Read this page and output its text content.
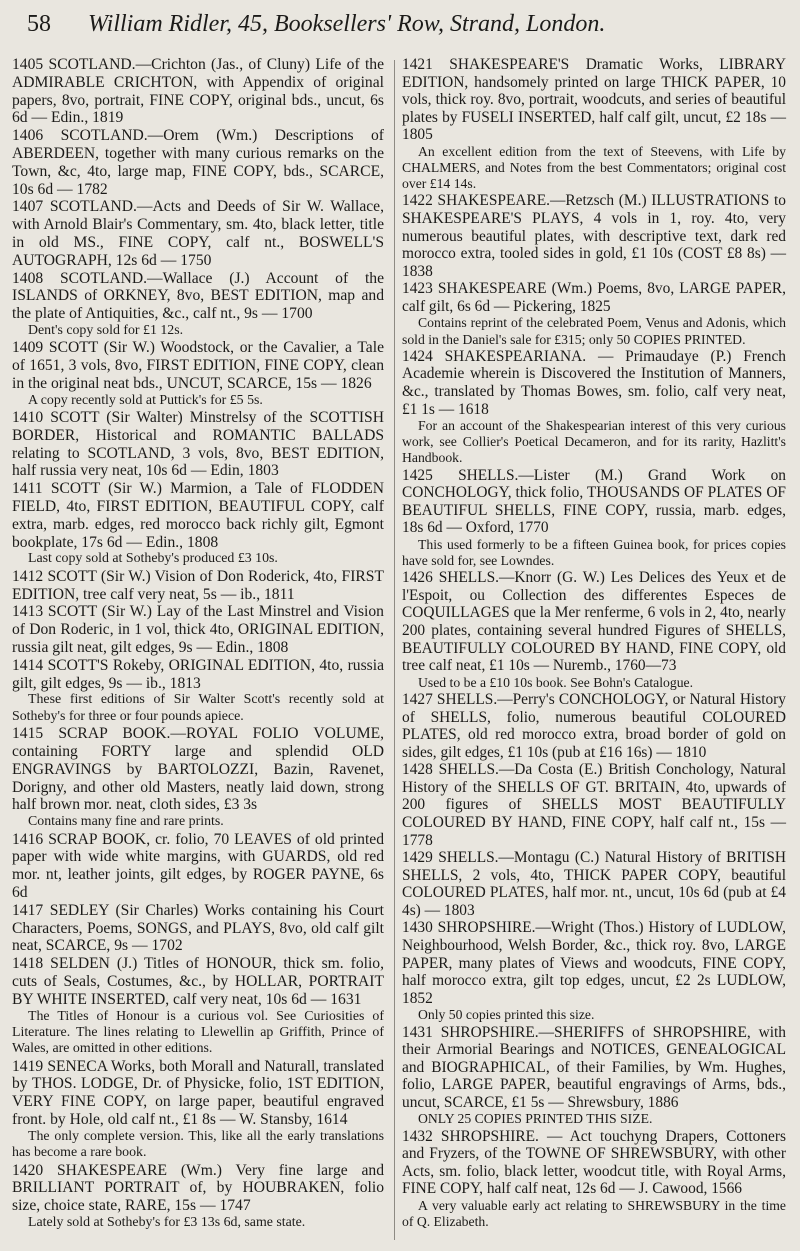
58 William Ridler, 45, Booksellers' Row, Strand, London.

1405 SCOTLAND.—Crichton (Jas., of Cluny) Life of the ADMIRABLE CRICHTON, with Appendix of original papers, 8vo, portrait, FINE COPY, original bds., uncut, 6s 6d — Edin., 1819

1406 SCOTLAND.—Orem (Wm.) Descriptions of ABERDEEN, together with many curious remarks on the Town, &c, 4to, large map, FINE COPY, bds., SCARCE, 10s 6d — 1782

1407 SCOTLAND.—Acts and Deeds of Sir W. Wallace, with Arnold Blair's Commentary, sm. 4to, black letter, title in old MS., FINE COPY, calf nt., BOSWELL'S AUTOGRAPH, 12s 6d — 1750

1408 SCOTLAND.—Wallace (J.) Account of the ISLANDS of ORKNEY, 8vo, BEST EDITION, map and the plate of Antiquities, &c., calf nt., 9s — 1700

Dent's copy sold for £1 12s.

1409 SCOTT (Sir W.) Woodstock, or the Cavalier, a Tale of 1651, 3 vols, 8vo, FIRST EDITION, FINE COPY, clean in the original neat bds., UNCUT, SCARCE, 15s — 1826

A copy recently sold at Puttick's for £5 5s.

1410 SCOTT (Sir Walter) Minstrelsy of the SCOTTISH BORDER, Historical and ROMANTIC BALLADS relating to SCOTLAND, 3 vols, 8vo, BEST EDITION, half russia very neat, 10s 6d — Edin, 1803

1411 SCOTT (Sir W.) Marmion, a Tale of FLODDEN FIELD, 4to, FIRST EDITION, BEAUTIFUL COPY, calf extra, marb. edges, red morocco back richly gilt, Egmont bookplate, 17s 6d — Edin., 1808

Last copy sold at Sotheby's produced £3 10s.

1412 SCOTT (Sir W.) Vision of Don Roderick, 4to, FIRST EDITION, tree calf very neat, 5s — ib., 1811

1413 SCOTT (Sir W.) Lay of the Last Minstrel and Vision of Don Roderic, in 1 vol, thick 4to, ORIGINAL EDITION, russia gilt neat, gilt edges, 9s — Edin., 1808

1414 SCOTT'S Rokeby, ORIGINAL EDITION, 4to, russia gilt, gilt edges, 9s — ib., 1813

These first editions of Sir Walter Scott's recently sold at Sotheby's for three or four pounds apiece.

1415 SCRAP BOOK.—ROYAL FOLIO VOLUME, containing FORTY large and splendid OLD ENGRAVINGS by BARTOLOZZI, Bazin, Ravenet, Dorigny, and other old Masters, neatly laid down, strong half brown mor. neat, cloth sides, £3 3s

Contains many fine and rare prints.

1416 SCRAP BOOK, cr. folio, 70 LEAVES of old printed paper with wide white margins, with GUARDS, old red mor. nt, leather joints, gilt edges, by ROGER PAYNE, 6s 6d

1417 SEDLEY (Sir Charles) Works containing his Court Characters, Poems, SONGS, and PLAYS, 8vo, old calf gilt neat, SCARCE, 9s — 1702

1418 SELDEN (J.) Titles of HONOUR, thick sm. folio, cuts of Seals, Costumes, &c., by HOLLAR, PORTRAIT BY WHITE INSERTED, calf very neat, 10s 6d — 1631

The Titles of Honour is a curious vol. See Curiosities of Literature. The lines relating to Llewellin ap Griffith, Prince of Wales, are omitted in other editions.

1419 SENECA Works, both Morall and Naturall, translated by THOS. LODGE, Dr. of Physicke, folio, 1ST EDITION, VERY FINE COPY, on large paper, beautiful engraved front. by Hole, old calf nt., £1 8s — W. Stansby, 1614

The only complete version. This, like all the early translations has become a rare book.

1420 SHAKESPEARE (Wm.) Very fine large and BRILLIANT PORTRAIT of, by HOUBRAKEN, folio size, choice state, RARE, 15s — 1747

Lately sold at Sotheby's for £3 13s 6d, same state.

1421 SHAKESPEARE'S Dramatic Works, LIBRARY EDITION, handsomely printed on large THICK PAPER, 10 vols, thick roy. 8vo, portrait, woodcuts, and series of beautiful plates by FUSELI INSERTED, half calf gilt, uncut, £2 18s — 1805

An excellent edition from the text of Steevens, with Life by CHALMERS, and Notes from the best Commentators; original cost over £14 14s.

1422 SHAKESPEARE.—Retzsch (M.) ILLUSTRATIONS to SHAKESPEARE'S PLAYS, 4 vols in 1, roy. 4to, very numerous beautiful plates, with descriptive text, dark red morocco extra, tooled sides in gold, £1 10s (COST £8 8s) — 1838

1423 SHAKESPEARE (Wm.) Poems, 8vo, LARGE PAPER, calf gilt, 6s 6d — Pickering, 1825

Contains reprint of the celebrated Poem, Venus and Adonis, which sold in the Daniel's sale for £315; only 50 COPIES PRINTED.

1424 SHAKESPEARIANA. — Primaudaye (P.) French Academie wherein is Discovered the Institution of Manners, &c., translated by Thomas Bowes, sm. folio, calf very neat, £1 1s — 1618

For an account of the Shakespearian interest of this very curious work, see Collier's Poetical Decameron, and for its rarity, Hazlitt's Handbook.

1425 SHELLS.—Lister (M.) Grand Work on CONCHOLOGY, thick folio, THOUSANDS OF PLATES OF BEAUTIFUL SHELLS, FINE COPY, russia, marb. edges, 18s 6d — Oxford, 1770

This used formerly to be a fifteen Guinea book, for prices copies have sold for, see Lowndes.

1426 SHELLS.—Knorr (G. W.) Les Delices des Yeux et de l'Espoit, ou Collection des differentes Especes de COQUILLAGES que la Mer renferme, 6 vols in 2, 4to, nearly 200 plates, containing several hundred Figures of SHELLS, BEAUTIFULLY COLOURED BY HAND, FINE COPY, old tree calf neat, £1 10s — Nuremb., 1760—73

Used to be a £10 10s book. See Bohn's Catalogue.

1427 SHELLS.—Perry's CONCHOLOGY, or Natural History of SHELLS, folio, numerous beautiful COLOURED PLATES, old red morocco extra, broad border of gold on sides, gilt edges, £1 10s (pub at £16 16s) — 1810

1428 SHELLS.—Da Costa (E.) British Conchology, Natural History of the SHELLS OF GT. BRITAIN, 4to, upwards of 200 figures of SHELLS MOST BEAUTIFULLY COLOURED BY HAND, FINE COPY, half calf nt., 15s — 1778

1429 SHELLS.—Montagu (C.) Natural History of BRITISH SHELLS, 2 vols, 4to, THICK PAPER COPY, beautiful COLOURED PLATES, half mor. nt., uncut, 10s 6d (pub at £4 4s) — 1803

1430 SHROPSHIRE.—Wright (Thos.) History of LUDLOW, Neighbourhood, Welsh Border, &c., thick roy. 8vo, LARGE PAPER, many plates of Views and woodcuts, FINE COPY, half morocco extra, gilt top edges, uncut, £2 2s LUDLOW, 1852

Only 50 copies printed this size.

1431 SHROPSHIRE.—SHERIFFS of SHROPSHIRE, with their Armorial Bearings and NOTICES, GENEALOGICAL and BIOGRAPHICAL, of their Families, by Wm. Hughes, folio, LARGE PAPER, beautiful engravings of Arms, bds., uncut, SCARCE, £1 5s — Shrewsbury, 1886

ONLY 25 COPIES PRINTED THIS SIZE.

1432 SHROPSHIRE. — Act touchyng Drapers, Cottoners and Fryzers, of the TOWNE OF SHREWSBURY, with other Acts, sm. folio, black letter, woodcut title, with Royal Arms, FINE COPY, half calf neat, 12s 6d — J. Cawood, 1566

A very valuable early act relating to SHREWSBURY in the time of Q. Elizabeth.
